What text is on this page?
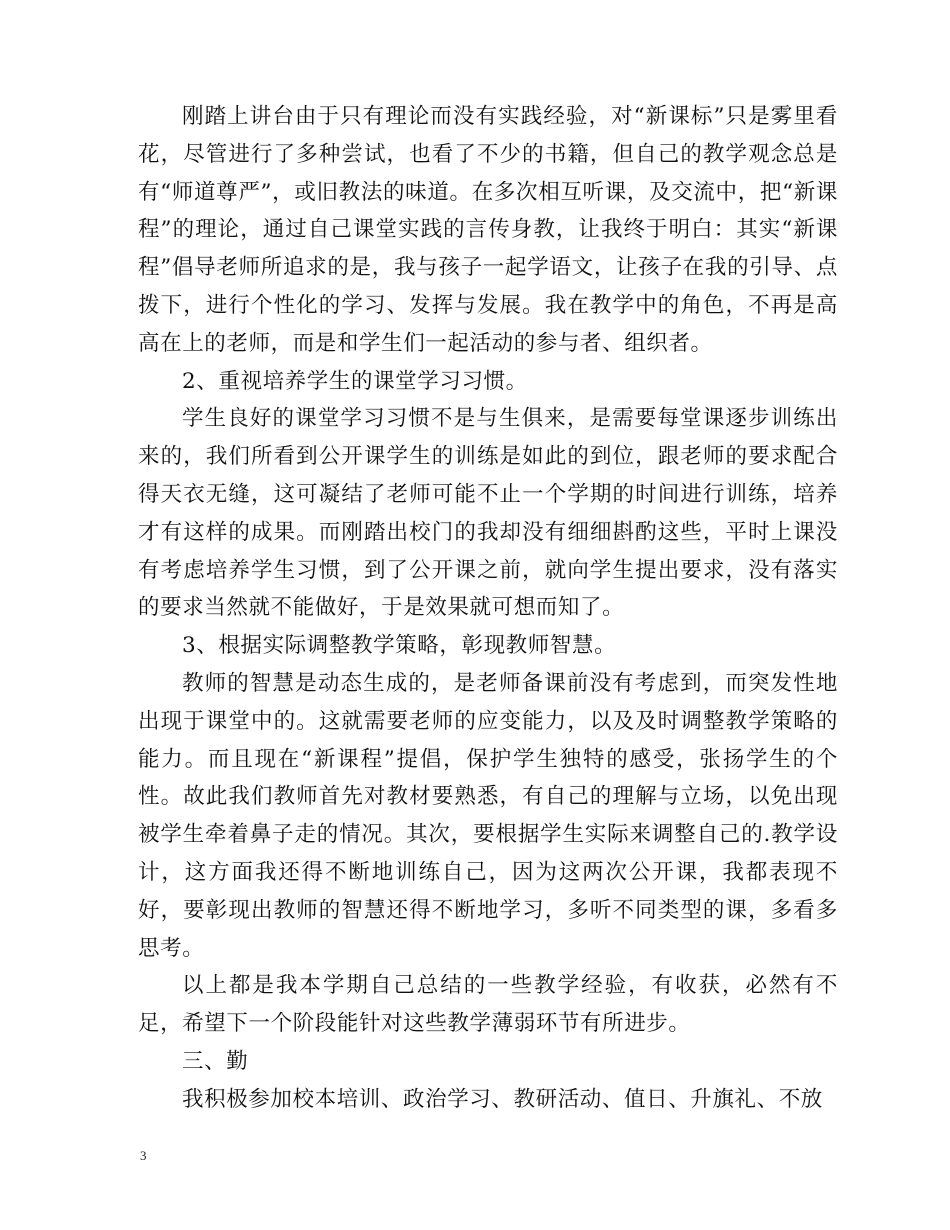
刚踏上讲台由于只有理论而没有实践经验，对“新课标”只是雾里看花，尽管进行了多种尝试，也看了不少的书籍，但自己的教学观念总是有“师道尊严”，或旧教法的味道。在多次相互听课，及交流中，把“新课程”的理论，通过自己课堂实践的言传身教，让我终于明白：其实“新课程”倡导老师所追求的是，我与孩子一起学语文，让孩子在我的引导、点拨下，进行个性化的学习、发挥与发展。我在教学中的角色，不再是高高在上的老师，而是和学生们一起活动的参与者、组织者。

2、重视培养学生的课堂学习习惯。

学生良好的课堂学习习惯不是与生俱来，是需要每堂课逐步训练出来的，我们所看到公开课学生的训练是如此的到位，跟老师的要求配合得天衣无缝，这可凝结了老师可能不止一个学期的时间进行训练，培养才有这样的成果。而刚踏出校门的我却没有细细斟酌这些，平时上课没有考虑培养学生习惯，到了公开课之前，就向学生提出要求，没有落实的要求当然就不能做好，于是效果就可想而知了。

3、根据实际调整教学策略，彰现教师智慧。

教师的智慧是动态生成的，是老师备课前没有考虑到，而突发性地出现于课堂中的。这就需要老师的应变能力，以及及时调整教学策略的能力。而且现在“新课程”提倡，保护学生独特的感受，张扬学生的个性。故此我们教师首先对教材要熟悉，有自己的理解与立场，以免出现被学生牵着鼻子走的情况。其次，要根据学生实际来调整自己的.教学设计，这方面我还得不断地训练自己，因为这两次公开课，我都表现不好，要彰现出教师的智慧还得不断地学习，多听不同类型的课，多看多思考。

以上都是我本学期自己总结的一些教学经验，有收获，必然有不足，希望下一个阶段能针对这些教学薄弱环节有所进步。

三、勤

我积极参加校本培训、政治学习、教研活动、值日、升旗礼、不放

3
